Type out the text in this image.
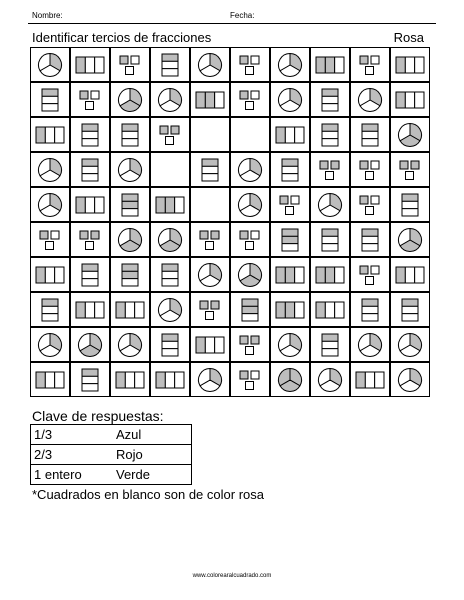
Nombre:	Fecha:
Identificar tercios de fracciones	Rosa
Clave de respuestas:
1/3	Azul
2/3	Rojo
1 entero	Verde
*Cuadrados en blanco son de color rosa
www.colorearalcuadrado.com
